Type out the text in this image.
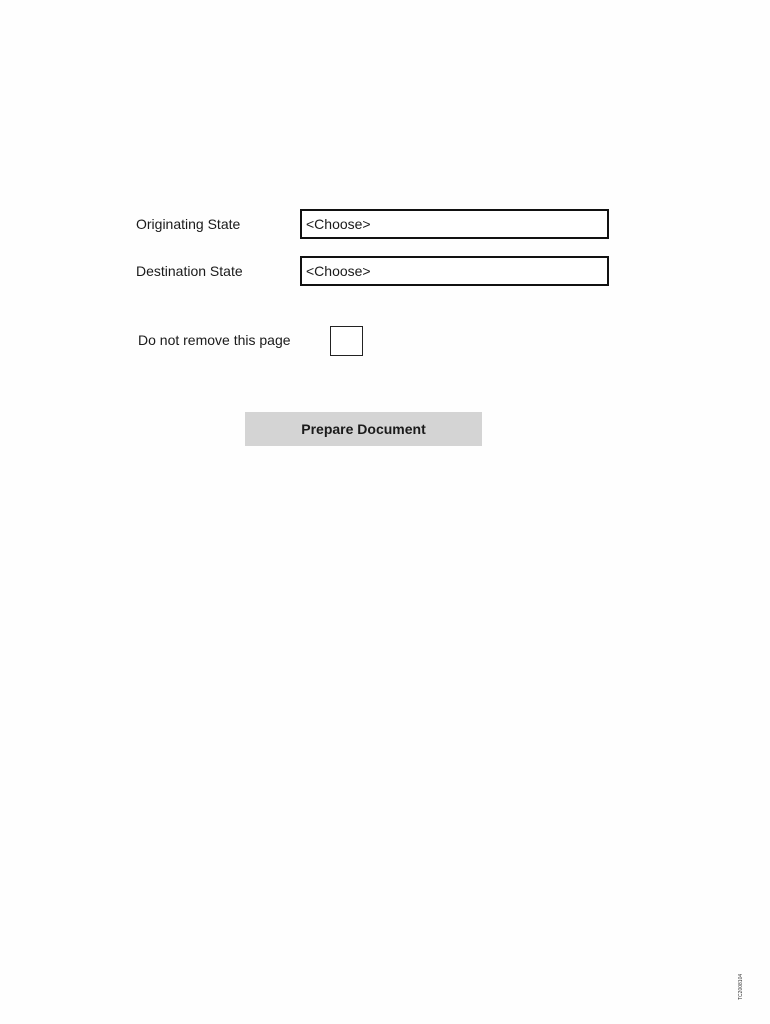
Originating State	<Choose>
Destination State	<Choose>
Do not remove this page
Prepare Document
TC2008104
